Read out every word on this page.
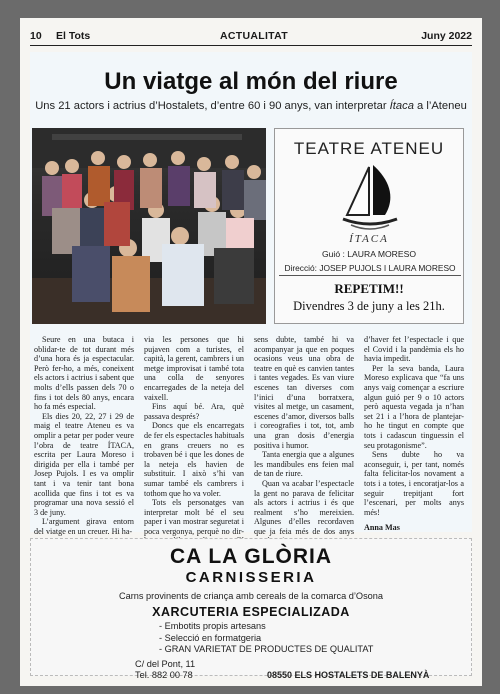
10 El Tots	ACTUALITAT	Juny 2022
Un viatge al món del riure
Uns 21 actors i actrius d’Hostalets, d’entre 60 i 90 anys, van interpretar Ítaca a l’Ateneu
TEATRE ATENEU
ÍTACA
Guió : LAURA MORESO
Direcció: JOSEP PUJOLS I LAURA MORESO
REPETIM!!
Divendres 3 de juny a les 21h.

Seure en una butaca i oblidar-te de tot durant més d’una hora és ja espectacular. Però fer-ho, a més, coneixent els actors i actrius i sabent que molts d’ells passen dels 70 o fins i tot dels 80 anys, encara ho fa més especial.

Els dies 20, 22, 27 i 29 de maig el teatre Ateneu es va omplir a petar per poder veure l’obra de teatre ÍTACA, escrita per Laura Moreso i dirigida per ella i també per Josep Pujols. I es va omplir tant i va tenir tant bona acollida que fins i tot es va programar una nova sessió el 3 de juny.

L’argument girava entorn del viatge en un creuer. Hi ha-

via les persones que hi pujaven com a turistes, el capità, la gerent, cambrers i un metge improvisat i també tota una colla de senyores encarregades de la neteja del vaixell.

Fins aquí bé. Ara, què passava després?

Doncs que els encarregats de fer els espectacles habituals en grans creuers no es trobaven bé i que les dones de la neteja els havien de substituir. I això s’hi van sumar també els cambrers i tothom que ho va voler.

Tots els personatges van interpretar molt bé el seu paper i van mostrar seguretat i poca vergonya, perquè no dir-

sens dubte, també hi va acompanyar ja que en poques ocasions veus una obra de teatre en què es canvien tantes i tantes vegades. Es van viure escenes tan diverses com l’inici d’una borratxera, visites al metge, un casament, escenes d’amor, diversos balls i coreografies i tot, tot, amb una gran dosis d’energia positiva i humor.

Tanta energia que a algunes les mandíbules ens feien mal de tan de riure.

Quan va acabar l’espectacle la gent no parava de felicitar als actors i actrius i és que realment s’ho mereixien. Algunes d’elles recordaven que ja feia més de dos anys

d’haver fet l’espectacle i que el Covid i la pandèmia els ho havia impedit.

Per la seva banda, Laura Moreso explicava que “fa uns anys vaig començar a escriure algun guió per 9 o 10 actors però aquesta vegada ja n’han set 21 i a l’hora de plantejar-ho he tingut en compte que tots i cadascun tinguessin el seu protagonisme”.

Sens dubte ho va aconseguir, i, per tant, només falta felicitar-los novament a tots i a totes, i encoratjar-los a seguir trepitjant fort l’escenari, per molts anys més!

Anna Mas

CA LA GLÒRIA
CARNISSERIA
Carns provinents de criança amb cereals de la comarca d’Osona
XARCUTERIA ESPECIALIZADA
- Embotits propis artesans
- Selecció en formatgeria
- GRAN VARIETAT DE PRODUCTES DE QUALITAT
C/ del Pont, 11
Tel. 882 00 78	08550 ELS HOSTALETS DE BALENYÀ
